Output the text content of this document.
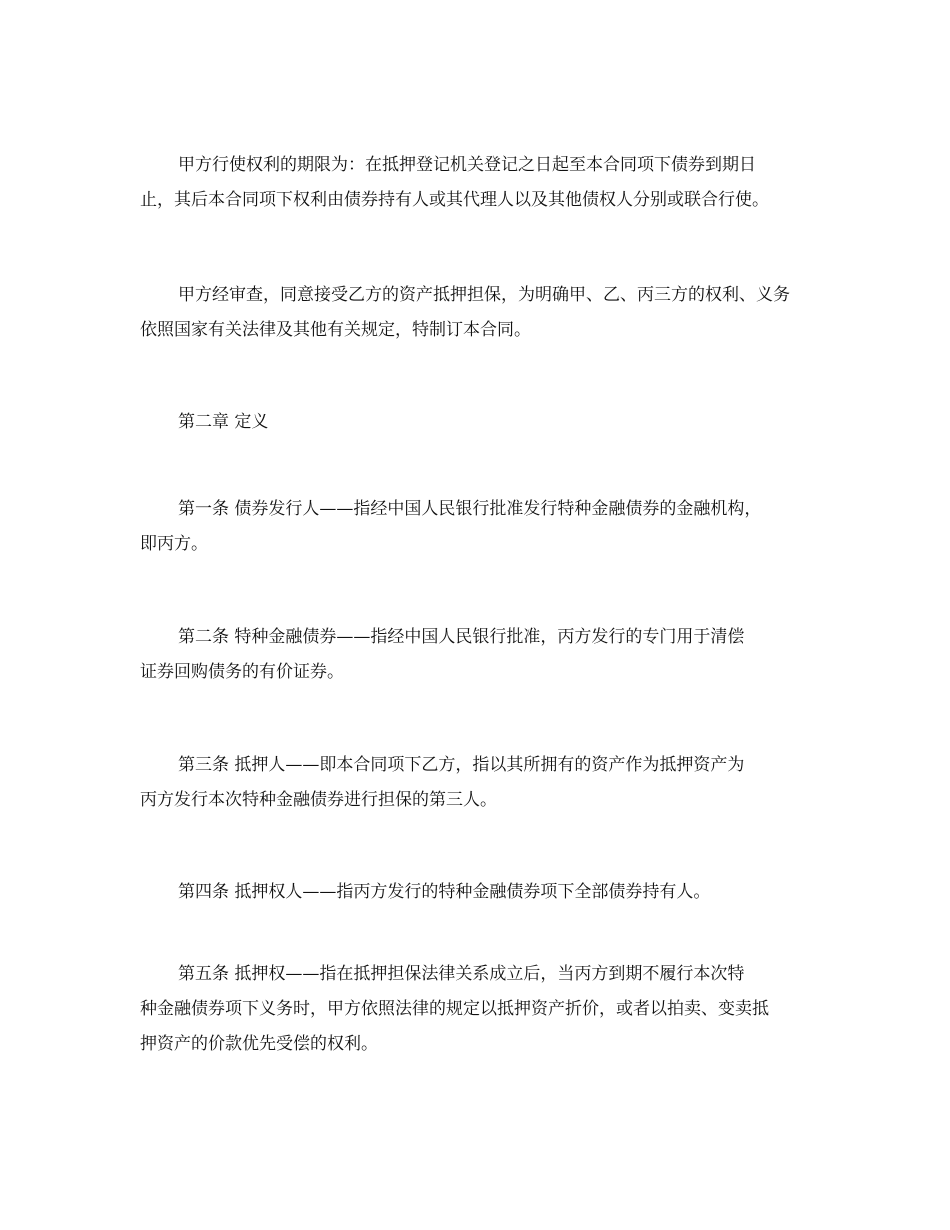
甲方行使权利的期限为：在抵押登记机关登记之日起至本合同项下债券到期日
止，其后本合同项下权利由债券持有人或其代理人以及其他债权人分别或联合行使。
甲方经审查，同意接受乙方的资产抵押担保，为明确甲、乙、丙三方的权利、义务
依照国家有关法律及其他有关规定，特制订本合同。
第二章 定义
第一条 债券发行人——指经中国人民银行批准发行特种金融债券的金融机构，
即丙方。
第二条 特种金融债券——指经中国人民银行批准，丙方发行的专门用于清偿
证券回购债务的有价证券。
第三条 抵押人——即本合同项下乙方，指以其所拥有的资产作为抵押资产为
丙方发行本次特种金融债券进行担保的第三人。
第四条 抵押权人——指丙方发行的特种金融债券项下全部债券持有人。
第五条 抵押权——指在抵押担保法律关系成立后，当丙方到期不履行本次特
种金融债券项下义务时，甲方依照法律的规定以抵押资产折价，或者以拍卖、变卖抵
押资产的价款优先受偿的权利。
